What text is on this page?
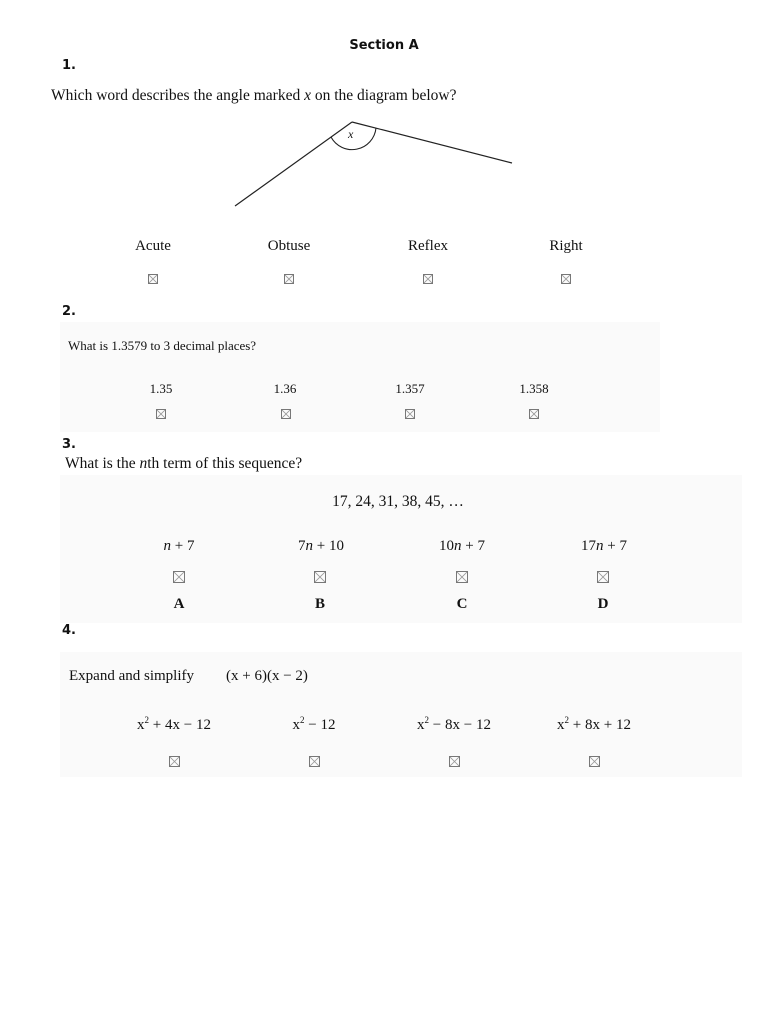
Section A
1.
Which word describes the angle marked x on the diagram below?
x
Acute	Obtuse	Reflex	Right
2.
What is 1.3579 to 3 decimal places?
1.35	1.36	1.357	1.358
3.
What is the nth term of this sequence?
17, 24, 31, 38, 45, …
n + 7	7n + 10	10n + 7	17n + 7
A	B	C	D
4.
Expand and simplify (x + 6)(x − 2)
$x^2 + 4x - 12$	$x^2 - 12$	$x^2 - 8x - 12$	$x^2 + 8x + 12$
